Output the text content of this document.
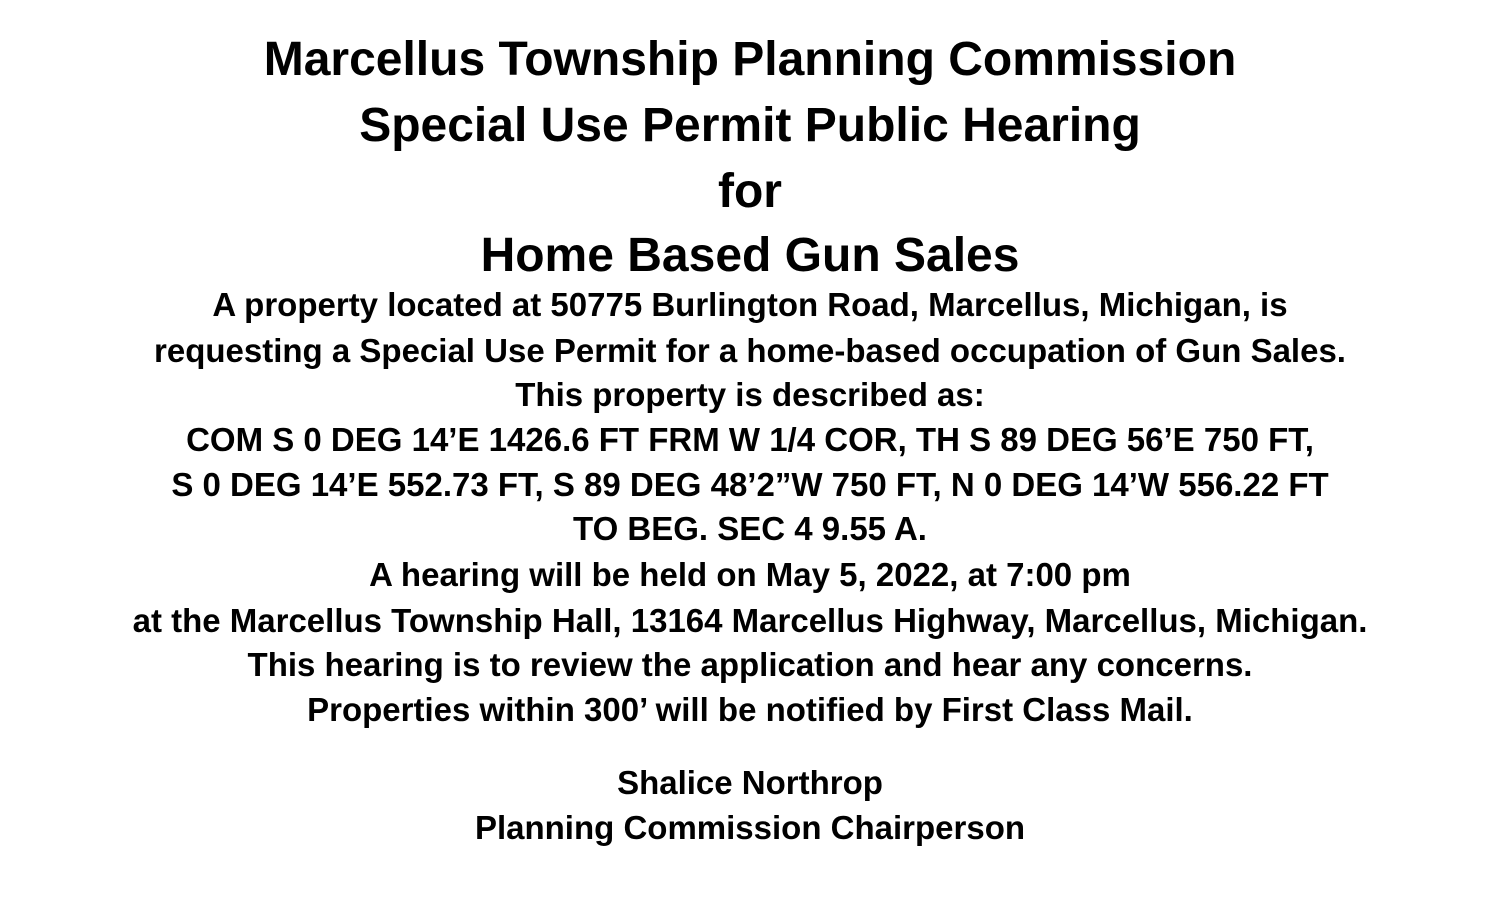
Marcellus Township Planning Commission
Special Use Permit Public Hearing
for
Home Based Gun Sales
A property located at 50775 Burlington Road, Marcellus, Michigan, is
requesting a Special Use Permit for a home-based occupation of Gun Sales.
This property is described as:
COM S 0 DEG 14’E 1426.6 FT FRM W 1/4 COR, TH S 89 DEG 56’E 750 FT,
S 0 DEG 14’E 552.73 FT, S 89 DEG 48’2”W 750 FT, N 0 DEG 14’W 556.22 FT
TO BEG. SEC 4 9.55 A.
A hearing will be held on May 5, 2022, at 7:00 pm
at the Marcellus Township Hall, 13164 Marcellus Highway, Marcellus, Michigan.
This hearing is to review the application and hear any concerns.
Properties within 300’ will be notified by First Class Mail.
Shalice Northrop
Planning Commission Chairperson
